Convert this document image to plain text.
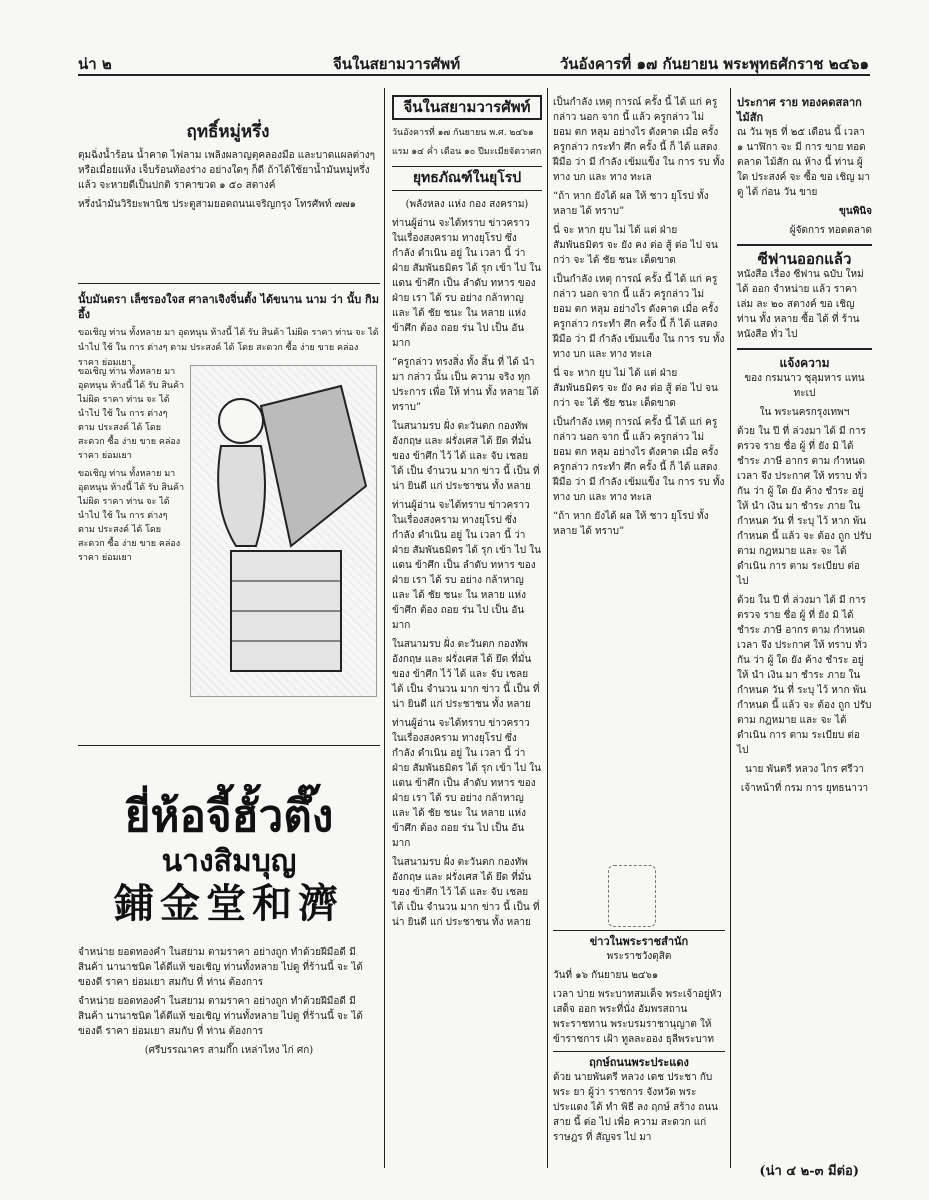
น่า ๒	จีนในสยามวารศัพท์	วันอังคารที่ ๑๗ กันยายน พระพุทธศักราช ๒๔๖๑
ฤทธิ์หมู่หรึ่ง

ตุมฉิ่งน้ำร้อน น้ำคาด ไฟลาม เพลิงผลาญตุคลองมือ และบาดแผลต่างๆ หรือเมื่อยแห้ง เจ็บร้อนท้องร่าง อย่างใดๆ ก็ดี ถ้าได้ใช้ยาน้ำมันหมู่หรึ่งแล้ว จะหายดีเป็นปกติ ราคาขวด ๑ ๕๐ สตางค์

หรึ่งนำมันวิริยะพานิช ประตูสามยอดถนนเจริญกรุง โทรศัพท์ ๗๗๑

นั้บมันตรา เล็ซรองใจส ศาลาเจิงจิ่นตั้ง ได้ขนาน นาม ว่า นั้บ กิม อึ้ง

ขอเชิญ ท่าน ทั้งหลาย มา อุดหนุน ห้างนี้ ได้ รับ สินค้า ไม่ผิด ราคา ท่าน จะ ได้ นำไป ใช้ ใน การ ต่างๆ ตาม ประสงค์ ได้ โดย สะดวก ซื้อ ง่าย ขาย คล่อง ราคา ย่อมเยา

ขอเชิญ ท่าน ทั้งหลาย มา อุดหนุน ห้างนี้ ได้ รับ สินค้า ไม่ผิด ราคา ท่าน จะ ได้ นำไป ใช้ ใน การ ต่างๆ ตาม ประสงค์ ได้ โดย สะดวก ซื้อ ง่าย ขาย คล่อง ราคา ย่อมเยา

ขอเชิญ ท่าน ทั้งหลาย มา อุดหนุน ห้างนี้ ได้ รับ สินค้า ไม่ผิด ราคา ท่าน จะ ได้ นำไป ใช้ ใน การ ต่างๆ ตาม ประสงค์ ได้ โดย สะดวก ซื้อ ง่าย ขาย คล่อง ราคา ย่อมเยา

ยี่ห้อจี้ฮั้วตึ๊ง
นางสิมบุญ
鋪金堂和濟

จำหน่าย ยอดทองคำ ในสยาม ตามราคา อย่างถูก ทำด้วยฝีมือดี มีสินค้า นานาชนิด ได้ดีแท้ ขอเชิญ ท่านทั้งหลาย ไปดู ที่ร้านนี้ จะ ได้ ของดี ราคา ย่อมเยา สมกับ ที่ ท่าน ต้องการ

จำหน่าย ยอดทองคำ ในสยาม ตามราคา อย่างถูก ทำด้วยฝีมือดี มีสินค้า นานาชนิด ได้ดีแท้ ขอเชิญ ท่านทั้งหลาย ไปดู ที่ร้านนี้ จะ ได้ ของดี ราคา ย่อมเยา สมกับ ที่ ท่าน ต้องการ

(ศรีบรรณาคร สามกึ๊ก เหล่าไหง ไก่ ศก)

จีนในสยามวารศัพท์

วันอังคารที่ ๑๗ กันยายน พ.ศ. ๒๔๖๑

แรม ๑๔ ค่ำ เดือน ๑๐ ปีมะเมียจัตวาศก

ยุทธภัณฑ์ในยุโรป

(พลังหลง แห่ง กอง สงคราม)

ท่านผู้อ่าน จะได้ทราบ ข่าวคราว ในเรื่องสงคราม ทางยุโรป ซึ่ง กำลัง ดำเนิน อยู่ ใน เวลา นี้ ว่า ฝ่าย สัมพันธมิตร ได้ รุก เข้า ไป ใน แดน ข้าศึก เป็น ลำดับ ทหาร ของ ฝ่าย เรา ได้ รบ อย่าง กล้าหาญ และ ได้ ชัย ชนะ ใน หลาย แห่ง ข้าศึก ต้อง ถอย ร่น ไป เป็น อัน มาก

“ครูกล่าว ทรงสิ่ง ทั้ง สิ้น ที่ ได้ นำ มา กล่าว นั้น เป็น ความ จริง ทุก ประการ เพื่อ ให้ ท่าน ทั้ง หลาย ได้ ทราบ”

ในสนามรบ ฝั่ง ตะวันตก กองทัพ อังกฤษ และ ฝรั่งเศส ได้ ยึด ที่มั่น ของ ข้าศึก ไว้ ได้ และ จับ เชลย ได้ เป็น จำนวน มาก ข่าว นี้ เป็น ที่ น่า ยินดี แก่ ประชาชน ทั้ง หลาย

ท่านผู้อ่าน จะได้ทราบ ข่าวคราว ในเรื่องสงคราม ทางยุโรป ซึ่ง กำลัง ดำเนิน อยู่ ใน เวลา นี้ ว่า ฝ่าย สัมพันธมิตร ได้ รุก เข้า ไป ใน แดน ข้าศึก เป็น ลำดับ ทหาร ของ ฝ่าย เรา ได้ รบ อย่าง กล้าหาญ และ ได้ ชัย ชนะ ใน หลาย แห่ง ข้าศึก ต้อง ถอย ร่น ไป เป็น อัน มาก

ในสนามรบ ฝั่ง ตะวันตก กองทัพ อังกฤษ และ ฝรั่งเศส ได้ ยึด ที่มั่น ของ ข้าศึก ไว้ ได้ และ จับ เชลย ได้ เป็น จำนวน มาก ข่าว นี้ เป็น ที่ น่า ยินดี แก่ ประชาชน ทั้ง หลาย

ท่านผู้อ่าน จะได้ทราบ ข่าวคราว ในเรื่องสงคราม ทางยุโรป ซึ่ง กำลัง ดำเนิน อยู่ ใน เวลา นี้ ว่า ฝ่าย สัมพันธมิตร ได้ รุก เข้า ไป ใน แดน ข้าศึก เป็น ลำดับ ทหาร ของ ฝ่าย เรา ได้ รบ อย่าง กล้าหาญ และ ได้ ชัย ชนะ ใน หลาย แห่ง ข้าศึก ต้อง ถอย ร่น ไป เป็น อัน มาก

ในสนามรบ ฝั่ง ตะวันตก กองทัพ อังกฤษ และ ฝรั่งเศส ได้ ยึด ที่มั่น ของ ข้าศึก ไว้ ได้ และ จับ เชลย ได้ เป็น จำนวน มาก ข่าว นี้ เป็น ที่ น่า ยินดี แก่ ประชาชน ทั้ง หลาย

เป็นกำลัง เหตุ การณ์ ครั้ง นี้ ได้ แก่ ครูกล่าว นอก จาก นี้ แล้ว ครูกล่าว ไม่ ยอม ตก หลุม อย่างไร ดังคาด เมื่อ ครั้ง ครูกล่าว กระทำ ศึก ครั้ง นี้ ก็ ได้ แสดง ฝีมือ ว่า มี กำลัง เข้มแข็ง ใน การ รบ ทั้ง ทาง บก และ ทาง ทะเล

“ถ้า หาก ยังได้ ผล ให้ ชาว ยุโรป ทั้ง หลาย ได้ ทราบ”

นี่ จะ หาก ยุบ ไม่ ได้ แต่ ฝ่าย สัมพันธมิตร จะ ยัง คง ต่อ สู้ ต่อ ไป จน กว่า จะ ได้ ชัย ชนะ เด็ดขาด

เป็นกำลัง เหตุ การณ์ ครั้ง นี้ ได้ แก่ ครูกล่าว นอก จาก นี้ แล้ว ครูกล่าว ไม่ ยอม ตก หลุม อย่างไร ดังคาด เมื่อ ครั้ง ครูกล่าว กระทำ ศึก ครั้ง นี้ ก็ ได้ แสดง ฝีมือ ว่า มี กำลัง เข้มแข็ง ใน การ รบ ทั้ง ทาง บก และ ทาง ทะเล

นี่ จะ หาก ยุบ ไม่ ได้ แต่ ฝ่าย สัมพันธมิตร จะ ยัง คง ต่อ สู้ ต่อ ไป จน กว่า จะ ได้ ชัย ชนะ เด็ดขาด

เป็นกำลัง เหตุ การณ์ ครั้ง นี้ ได้ แก่ ครูกล่าว นอก จาก นี้ แล้ว ครูกล่าว ไม่ ยอม ตก หลุม อย่างไร ดังคาด เมื่อ ครั้ง ครูกล่าว กระทำ ศึก ครั้ง นี้ ก็ ได้ แสดง ฝีมือ ว่า มี กำลัง เข้มแข็ง ใน การ รบ ทั้ง ทาง บก และ ทาง ทะเล

“ถ้า หาก ยังได้ ผล ให้ ชาว ยุโรป ทั้ง หลาย ได้ ทราบ”

ข่าวในพระราชสำนัก

พระราชวังดุสิต

วันที่ ๑๖ กันยายน ๒๔๖๑

เวลา บ่าย พระบาทสมเด็จ พระเจ้าอยู่หัว เสด็จ ออก พระที่นั่ง อัมพรสถาน พระราชทาน พระบรมราชานุญาต ให้ ข้าราชการ เฝ้า ทูลละออง ธุลีพระบาท

ฤกษ์ถนนพระประแดง

ด้วย นายพันตรี หลวง เดช ประชา กับ พระ ยา ผู้ว่า ราชการ จังหวัด พระ ประแดง ได้ ทำ พิธี ลง ฤกษ์ สร้าง ถนน สาย นี้ ต่อ ไป เพื่อ ความ สะดวก แก่ ราษฎร ที่ สัญจร ไป มา

ประกาศ ราย ทองคดสลาก ไม้สัก

ณ วัน พุธ ที่ ๒๕ เดือน นี้ เวลา ๑ นาฬิกา จะ มี การ ขาย ทอดตลาด ไม้สัก ณ ห้าง นี้ ท่าน ผู้ใด ประสงค์ จะ ซื้อ ขอ เชิญ มา ดู ได้ ก่อน วัน ขาย

ขุนพินิจ

ผู้จัดการ ทอดตลาด

ซีฟานออกแล้ว

หนังสือ เรื่อง ซีฟาน ฉบับ ใหม่ ได้ ออก จำหน่าย แล้ว ราคา เล่ม ละ ๒๐ สตางค์ ขอ เชิญ ท่าน ทั้ง หลาย ซื้อ ได้ ที่ ร้าน หนังสือ ทั่ว ไป

แจ้งความ

ของ กรมนาว ชุลุมหาร แทนทะเป

ใน พระนครกรุงเทพฯ

ด้วย ใน ปี ที่ ล่วงมา ได้ มี การ ตรวจ ราย ชื่อ ผู้ ที่ ยัง มิ ได้ ชำระ ภาษี อากร ตาม กำหนด เวลา จึง ประกาศ ให้ ทราบ ทั่ว กัน ว่า ผู้ ใด ยัง ค้าง ชำระ อยู่ ให้ นำ เงิน มา ชำระ ภาย ใน กำหนด วัน ที่ ระบุ ไว้ หาก พ้น กำหนด นี้ แล้ว จะ ต้อง ถูก ปรับ ตาม กฎหมาย และ จะ ได้ ดำเนิน การ ตาม ระเบียบ ต่อ ไป

ด้วย ใน ปี ที่ ล่วงมา ได้ มี การ ตรวจ ราย ชื่อ ผู้ ที่ ยัง มิ ได้ ชำระ ภาษี อากร ตาม กำหนด เวลา จึง ประกาศ ให้ ทราบ ทั่ว กัน ว่า ผู้ ใด ยัง ค้าง ชำระ อยู่ ให้ นำ เงิน มา ชำระ ภาย ใน กำหนด วัน ที่ ระบุ ไว้ หาก พ้น กำหนด นี้ แล้ว จะ ต้อง ถูก ปรับ ตาม กฎหมาย และ จะ ได้ ดำเนิน การ ตาม ระเบียบ ต่อ ไป

นาย พันตรี หลวง ไกร ศรีวา

เจ้าหน้าที่ กรม การ ยุทธนาวา

(น่า ๔ ๒-๓ มีต่อ)
